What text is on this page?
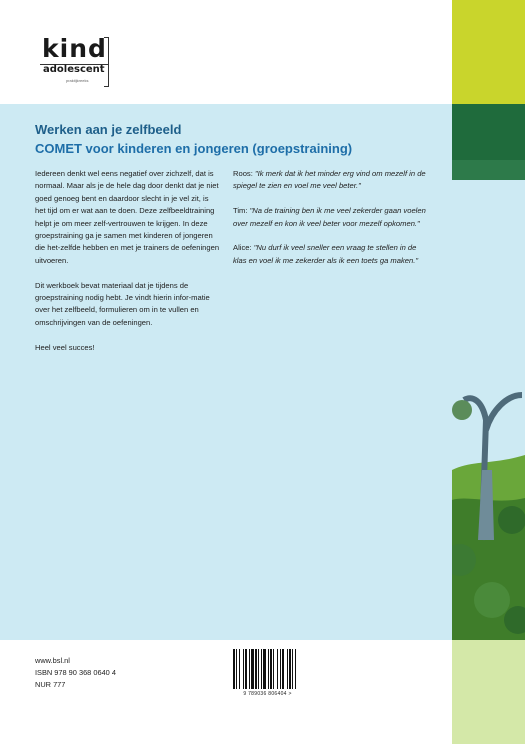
kind
adolescent
praktijkreeks
Werken aan je zelfbeeld
COMET voor kinderen en jongeren (groepstraining)

Iedereen denkt wel eens negatief over zichzelf, dat is normaal. Maar als je de hele dag door denkt dat je niet goed genoeg bent en daardoor slecht in je vel zit, is het tijd om er wat aan te doen. Deze zelfbeeldtraining helpt je om meer zelf-vertrouwen te krijgen. In deze groepstraining ga je samen met kinderen of jongeren die het-zelfde hebben en met je trainers de oefeningen uitvoeren.

Dit werkboek bevat materiaal dat je tijdens de groepstraining nodig hebt. Je vindt hierin infor-matie over het zelfbeeld, formulieren om in te vullen en omschrijvingen van de oefeningen.

Heel veel succes!

Roos: "Ik merk dat ik het minder erg vind om mezelf in de spiegel te zien en voel me veel beter."

Tim: "Na de training ben ik me veel zekerder gaan voelen over mezelf en kon ik veel beter voor mezelf opkomen."

Alice: "Nu durf ik veel sneller een vraag te stellen in de klas en voel ik me zekerder als ik een toets ga maken."

www.bsl.nl
ISBN 978 90 368 0640 4
NUR 777
9 789036 806404 >
